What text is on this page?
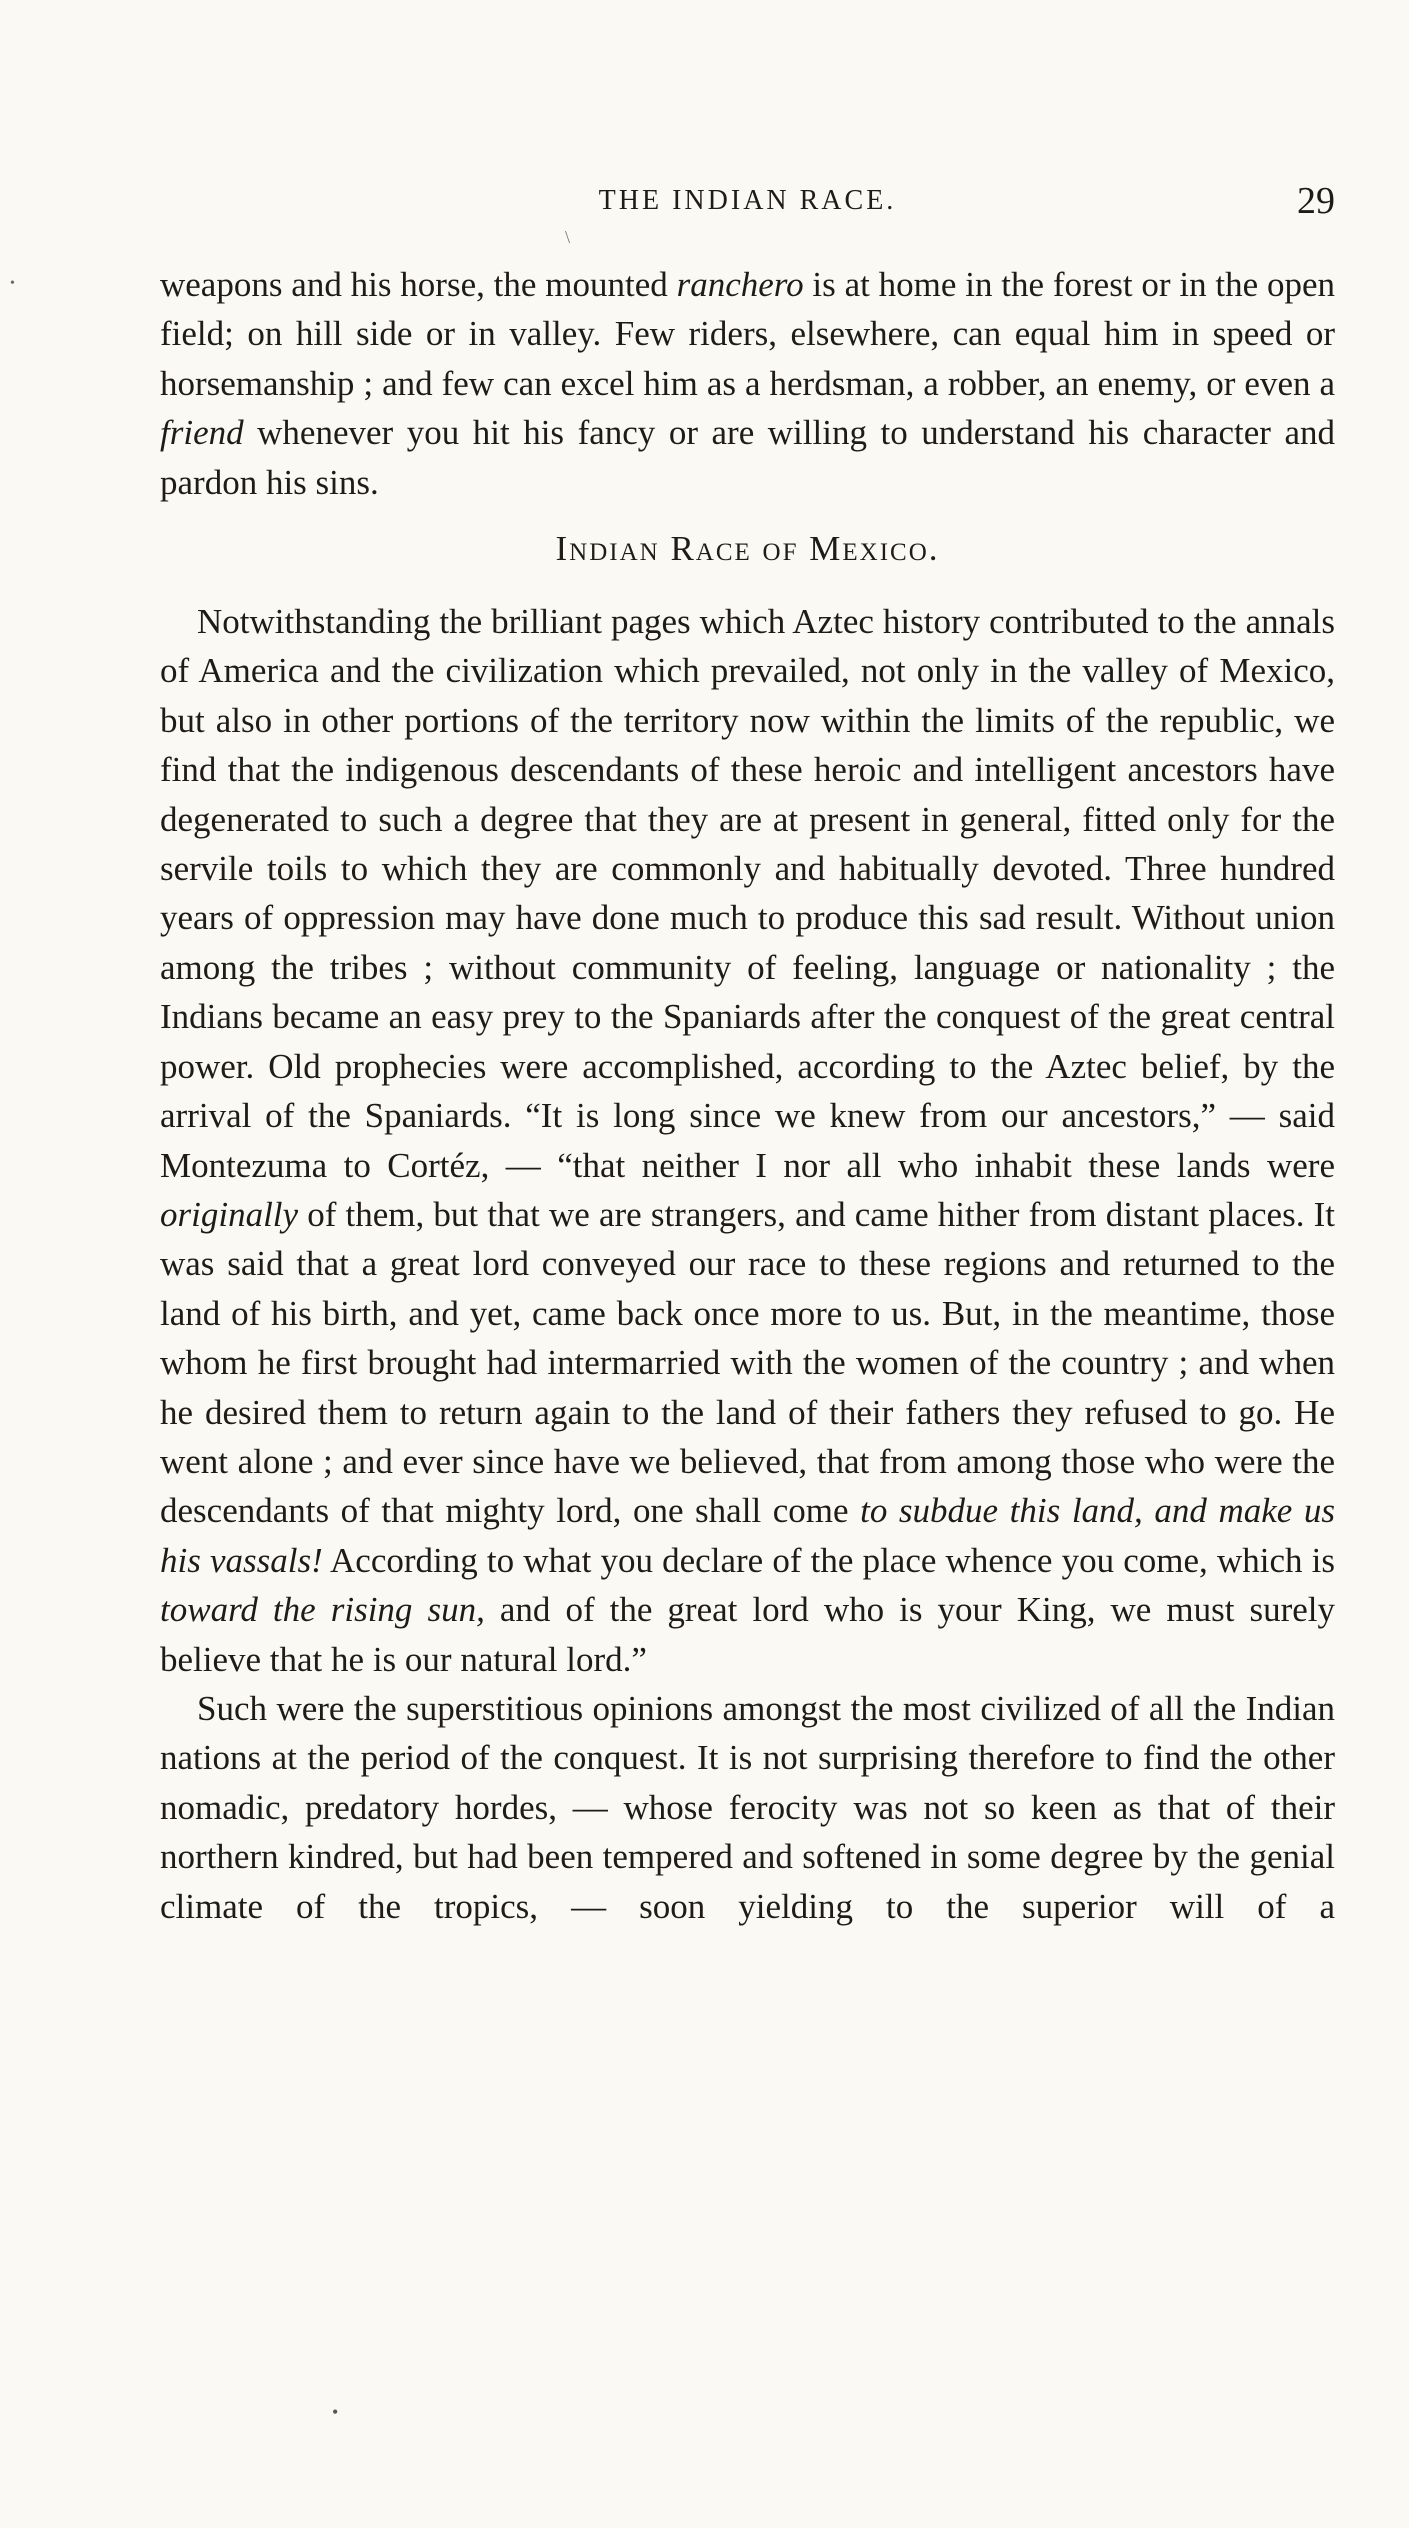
•
THE INDIAN RACE.	29
\

weapons and his horse, the mounted ranchero is at home in the forest or in the open field; on hill side or in valley. Few riders, elsewhere, can equal him in speed or horsemanship ; and few can excel him as a herdsman, a robber, an enemy, or even a friend whenever you hit his fancy or are willing to understand his character and pardon his sins.

Indian Race of Mexico.

Notwithstanding the brilliant pages which Aztec history contributed to the annals of America and the civilization which prevailed, not only in the valley of Mexico, but also in other portions of the territory now within the limits of the republic, we find that the indigenous descendants of these heroic and intelligent ancestors have degenerated to such a degree that they are at present in general, fitted only for the servile toils to which they are commonly and habitually devoted. Three hundred years of oppression may have done much to produce this sad result. Without union among the tribes ; without community of feeling, language or nationality ; the Indians became an easy prey to the Spaniards after the conquest of the great central power. Old prophecies were accomplished, according to the Aztec belief, by the arrival of the Spaniards. “It is long since we knew from our ancestors,” — said Montezuma to Cortéz, — “that neither I nor all who inhabit these lands were originally of them, but that we are strangers, and came hither from distant places. It was said that a great lord conveyed our race to these regions and returned to the land of his birth, and yet, came back once more to us. But, in the meantime, those whom he first brought had intermarried with the women of the country ; and when he desired them to return again to the land of their fathers they refused to go. He went alone ; and ever since have we believed, that from among those who were the descendants of that mighty lord, one shall come to subdue this land, and make us his vassals! According to what you declare of the place whence you come, which is toward the rising sun, and of the great lord who is your King, we must surely believe that he is our natural lord.”

Such were the superstitious opinions amongst the most civilized of all the Indian nations at the period of the conquest. It is not surprising therefore to find the other nomadic, predatory hordes, — whose ferocity was not so keen as that of their northern kindred, but had been tempered and softened in some degree by the genial climate of the tropics, — soon yielding to the superior will of a

•
